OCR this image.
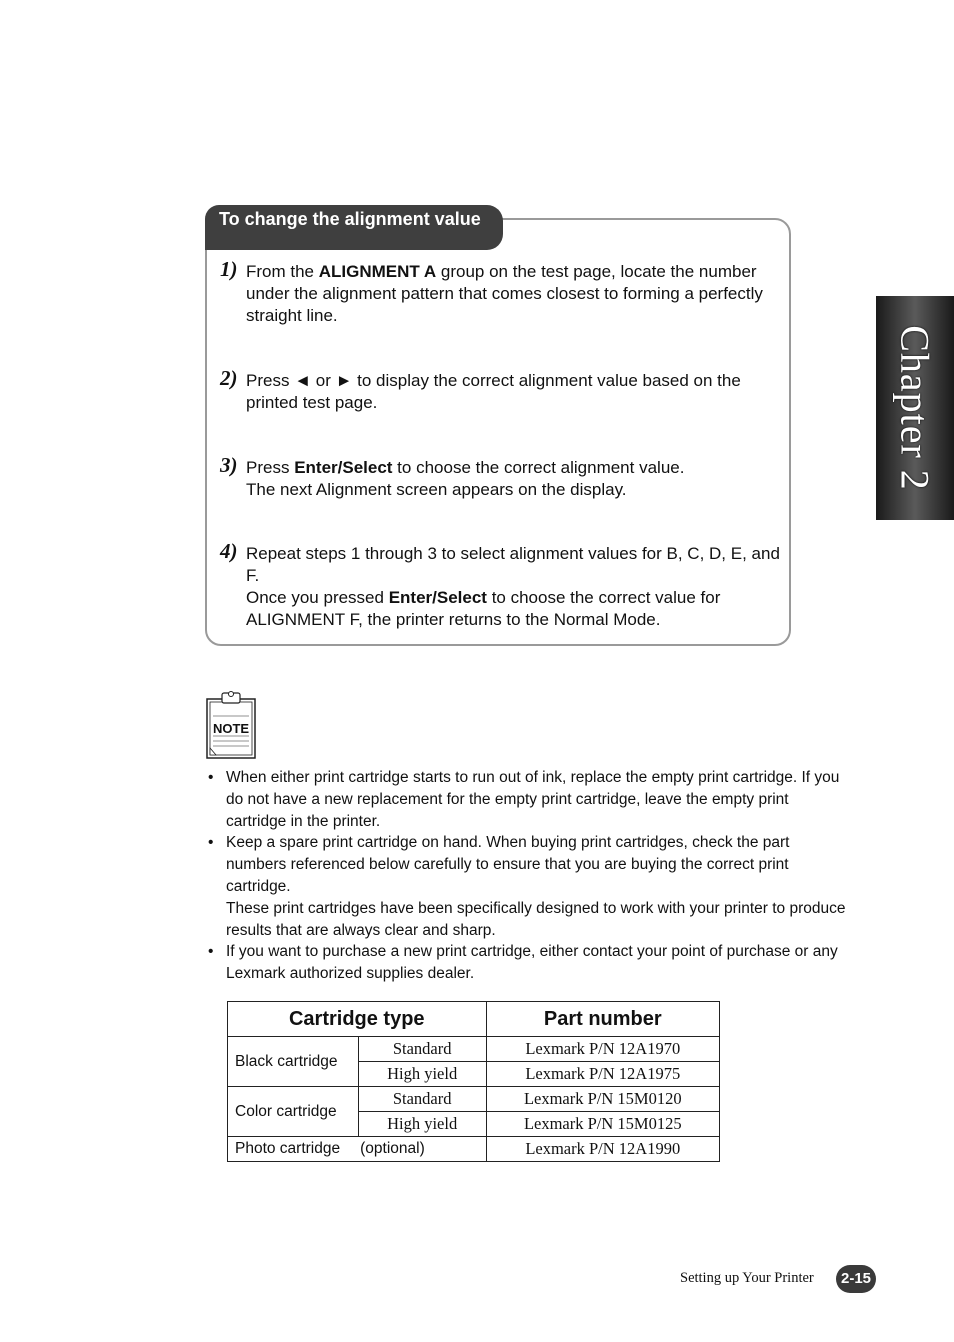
Chapter 2
To change the alignment value
1) From the ALIGNMENT A group on the test page, locate the number under the alignment pattern that comes closest to forming a perfectly straight line.
2) Press ◄ or ► to display the correct alignment value based on the printed test page.
3) Press Enter/Select to choose the correct alignment value.
The next Alignment screen appears on the display.
4) Repeat steps 1 through 3 to select alignment values for B, C, D, E, and F.
Once you pressed Enter/Select to choose the correct value for ALIGNMENT F, the printer returns to the Normal Mode.
NOTE
• When either print cartridge starts to run out of ink, replace the empty print cartridge. If you do not have a new replacement for the empty print cartridge, leave the empty print cartridge in the printer.
• Keep a spare print cartridge on hand. When buying print cartridges, check the part numbers referenced below carefully to ensure that you are buying the correct print cartridge.
These print cartridges have been specifically designed to work with your printer to produce results that are always clear and sharp.
• If you want to purchase a new print cartridge, either contact your point of purchase or any Lexmark authorized supplies dealer.
Cartridge type		Part number
Black cartridge	Standard	Lexmark P/N 12A1970
	High yield	Lexmark P/N 12A1975
Color cartridge	Standard	Lexmark P/N 15M0120
	High yield	Lexmark P/N 15M0125
Photo cartridge (optional)		Lexmark P/N 12A1990
Setting up Your Printer	2-15
